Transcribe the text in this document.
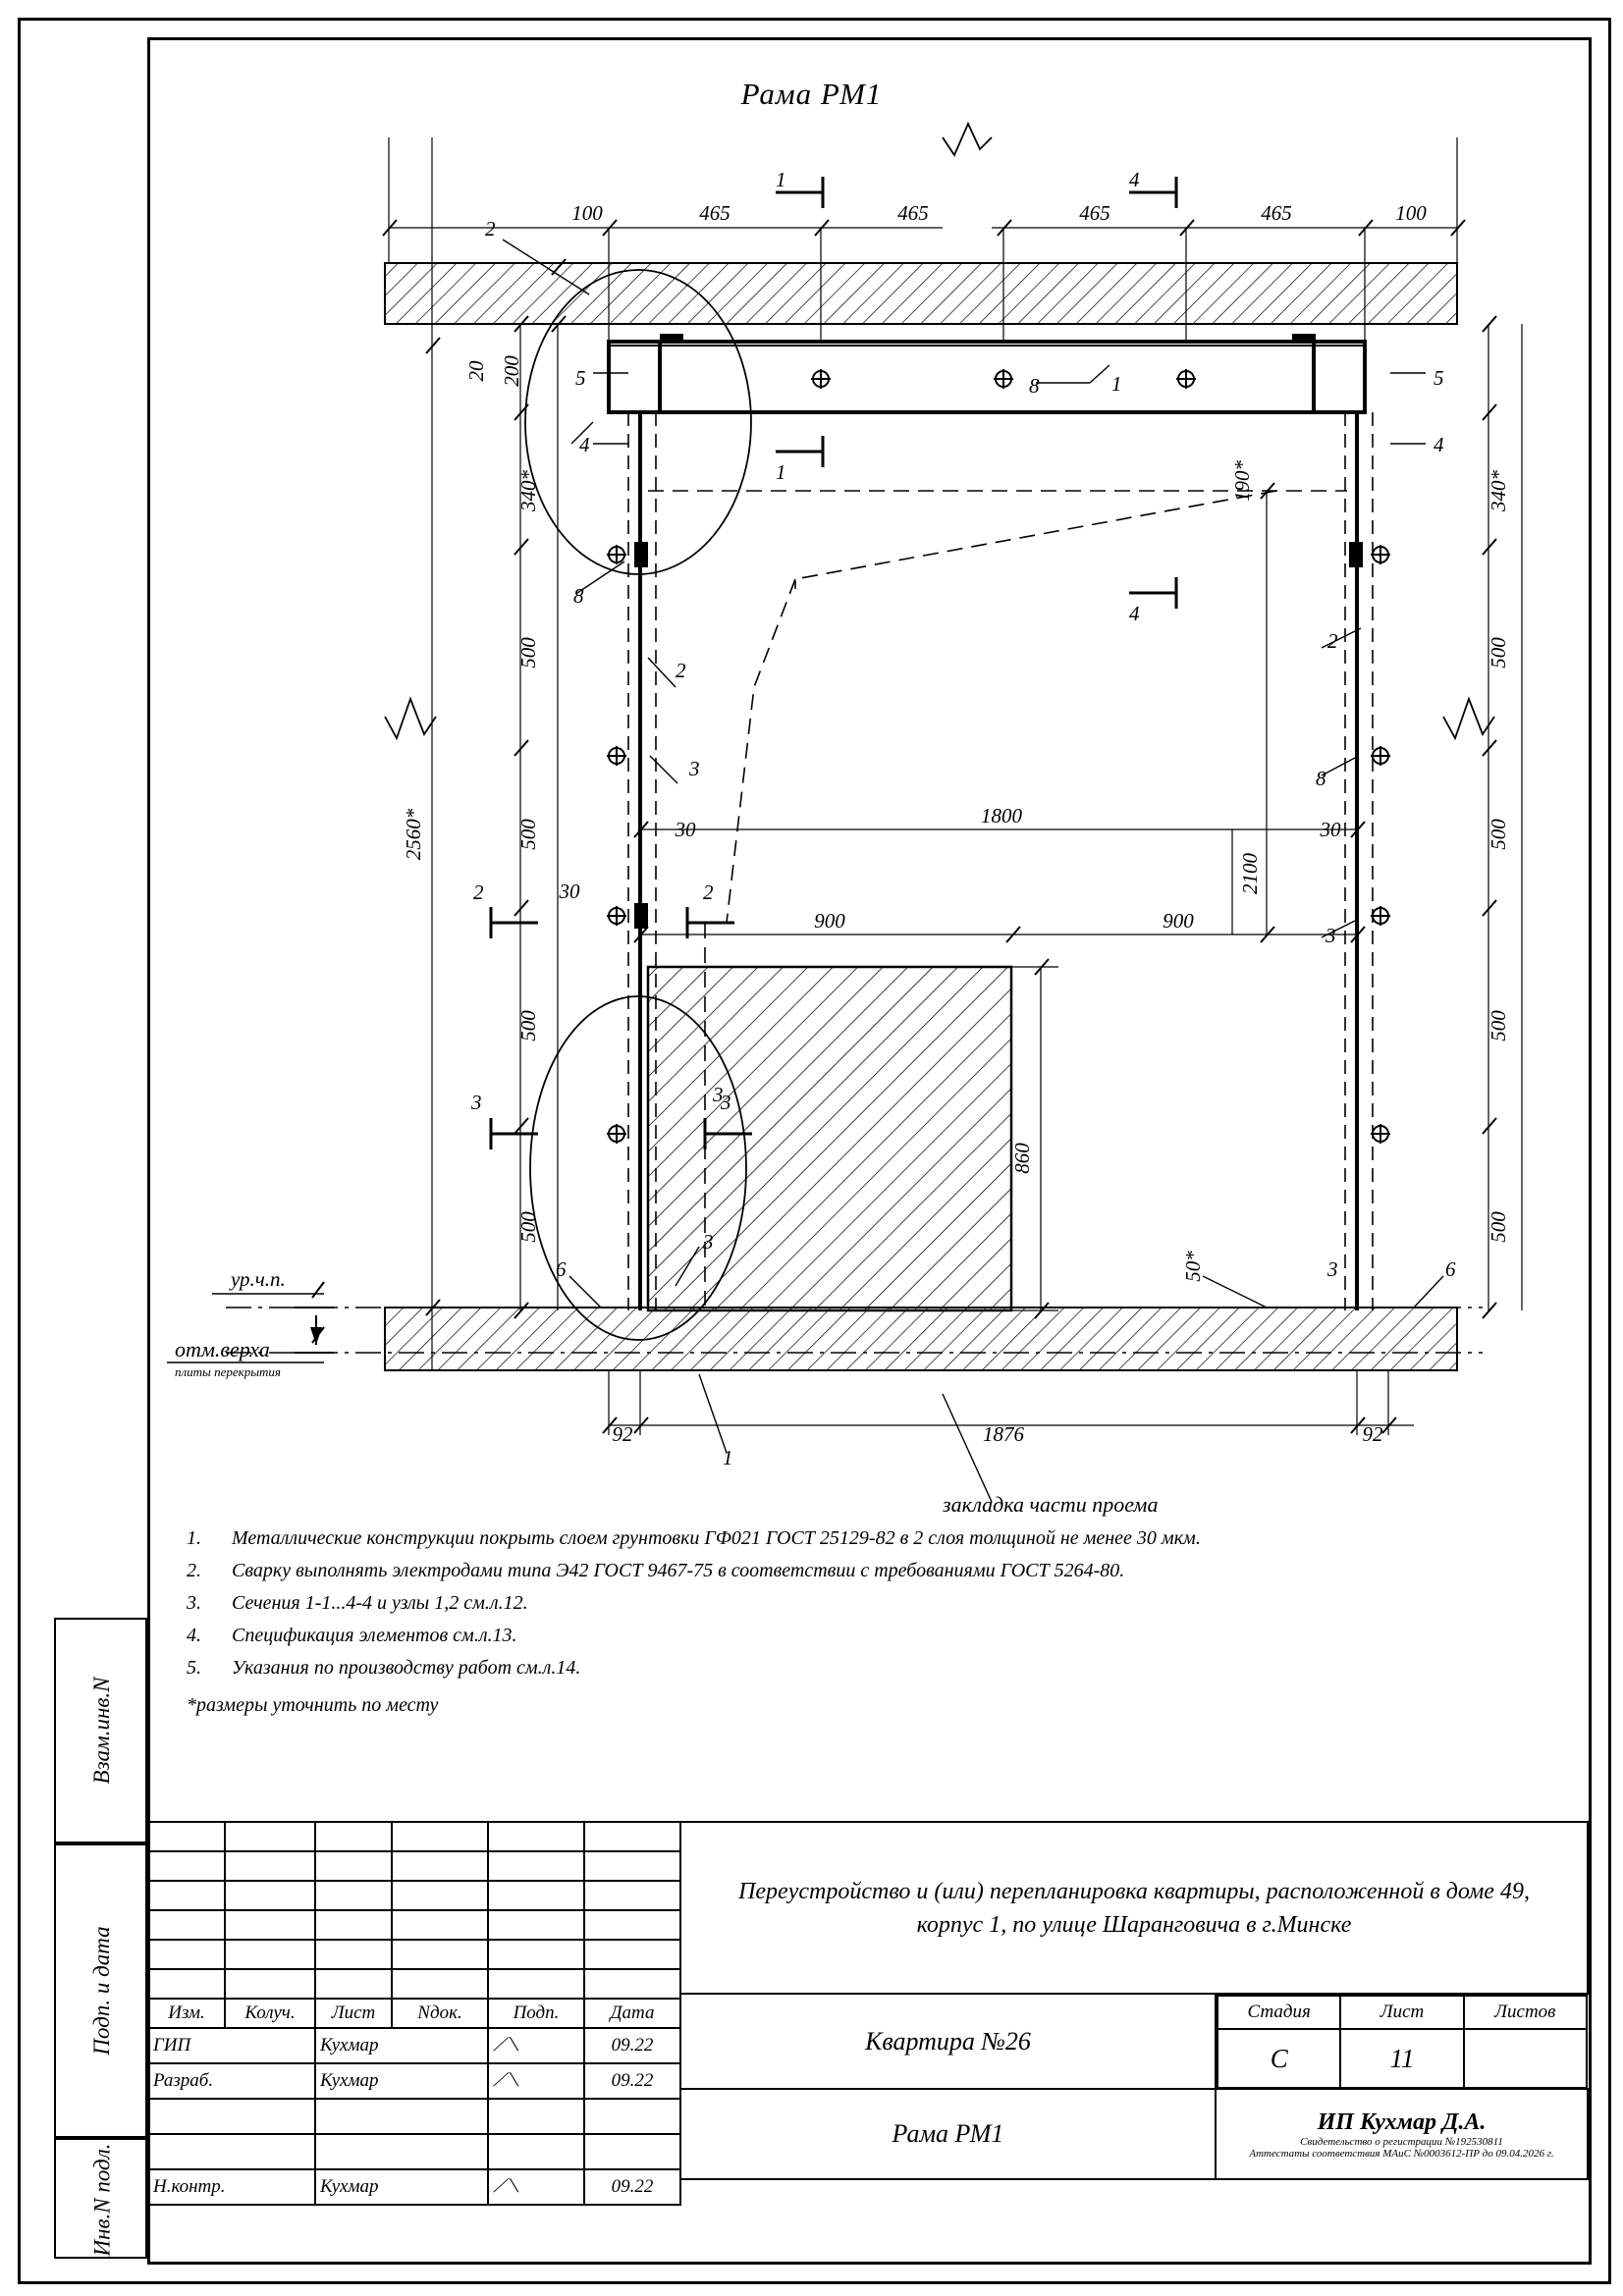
Рама РМ1
100	465	465	465	465	100
30	30
1800
900	900
30
1876
92	92
20 200
340*
500
500
500
500
2560*
340*
500
500
500
500
190*
2100
860
50*
2
5	5
4	4
8	1
8
2
3
2
8
3
3
3
6	6
3
1
1
1
4
4
2	2
3	3
ур.ч.п.
отм.верха
плиты перекрытия
закладка части проема
1.	Металлические конструкции покрыть слоем грунтовки ГФ021 ГОСТ 25129-82 в 2 слоя толщиной не менее 30 мкм.
2.	Сварку выполнять электродами типа Э42 ГОСТ 9467-75 в соответствии с требованиями ГОСТ 5264-80.
3.	Сечения 1-1...4-4 и узлы 1,2 см.л.12.
4.	Спецификация элементов см.л.13.
5.	Указания по производству работ см.л.14.
*размеры уточнить по месту
Взам.инв.N
Подп. и дата
Инв.N подл.

Изм.	Колуч.	Лист	Nдок.	Подп.	Дата
ГИП		Кухмар		⟋⟍	09.22
Разраб.		Кухмар		⟋⟍	09.22

Н.контр.		Кухмар		⟋⟍	09.22
Переустройство и (или) перепланировка квартиры, расположенной в доме 49, корпус 1, по улице Шаранговича в г.Минске
Квартира №26	
Стадия	Лист	Листов
С	11	

Рама РМ1	ИП Кухмар Д.А.
Свидетельство о регистрации №192530811
Аттестаты соответствия МАиС №0003612-ПР до 09.04.2026 г.
